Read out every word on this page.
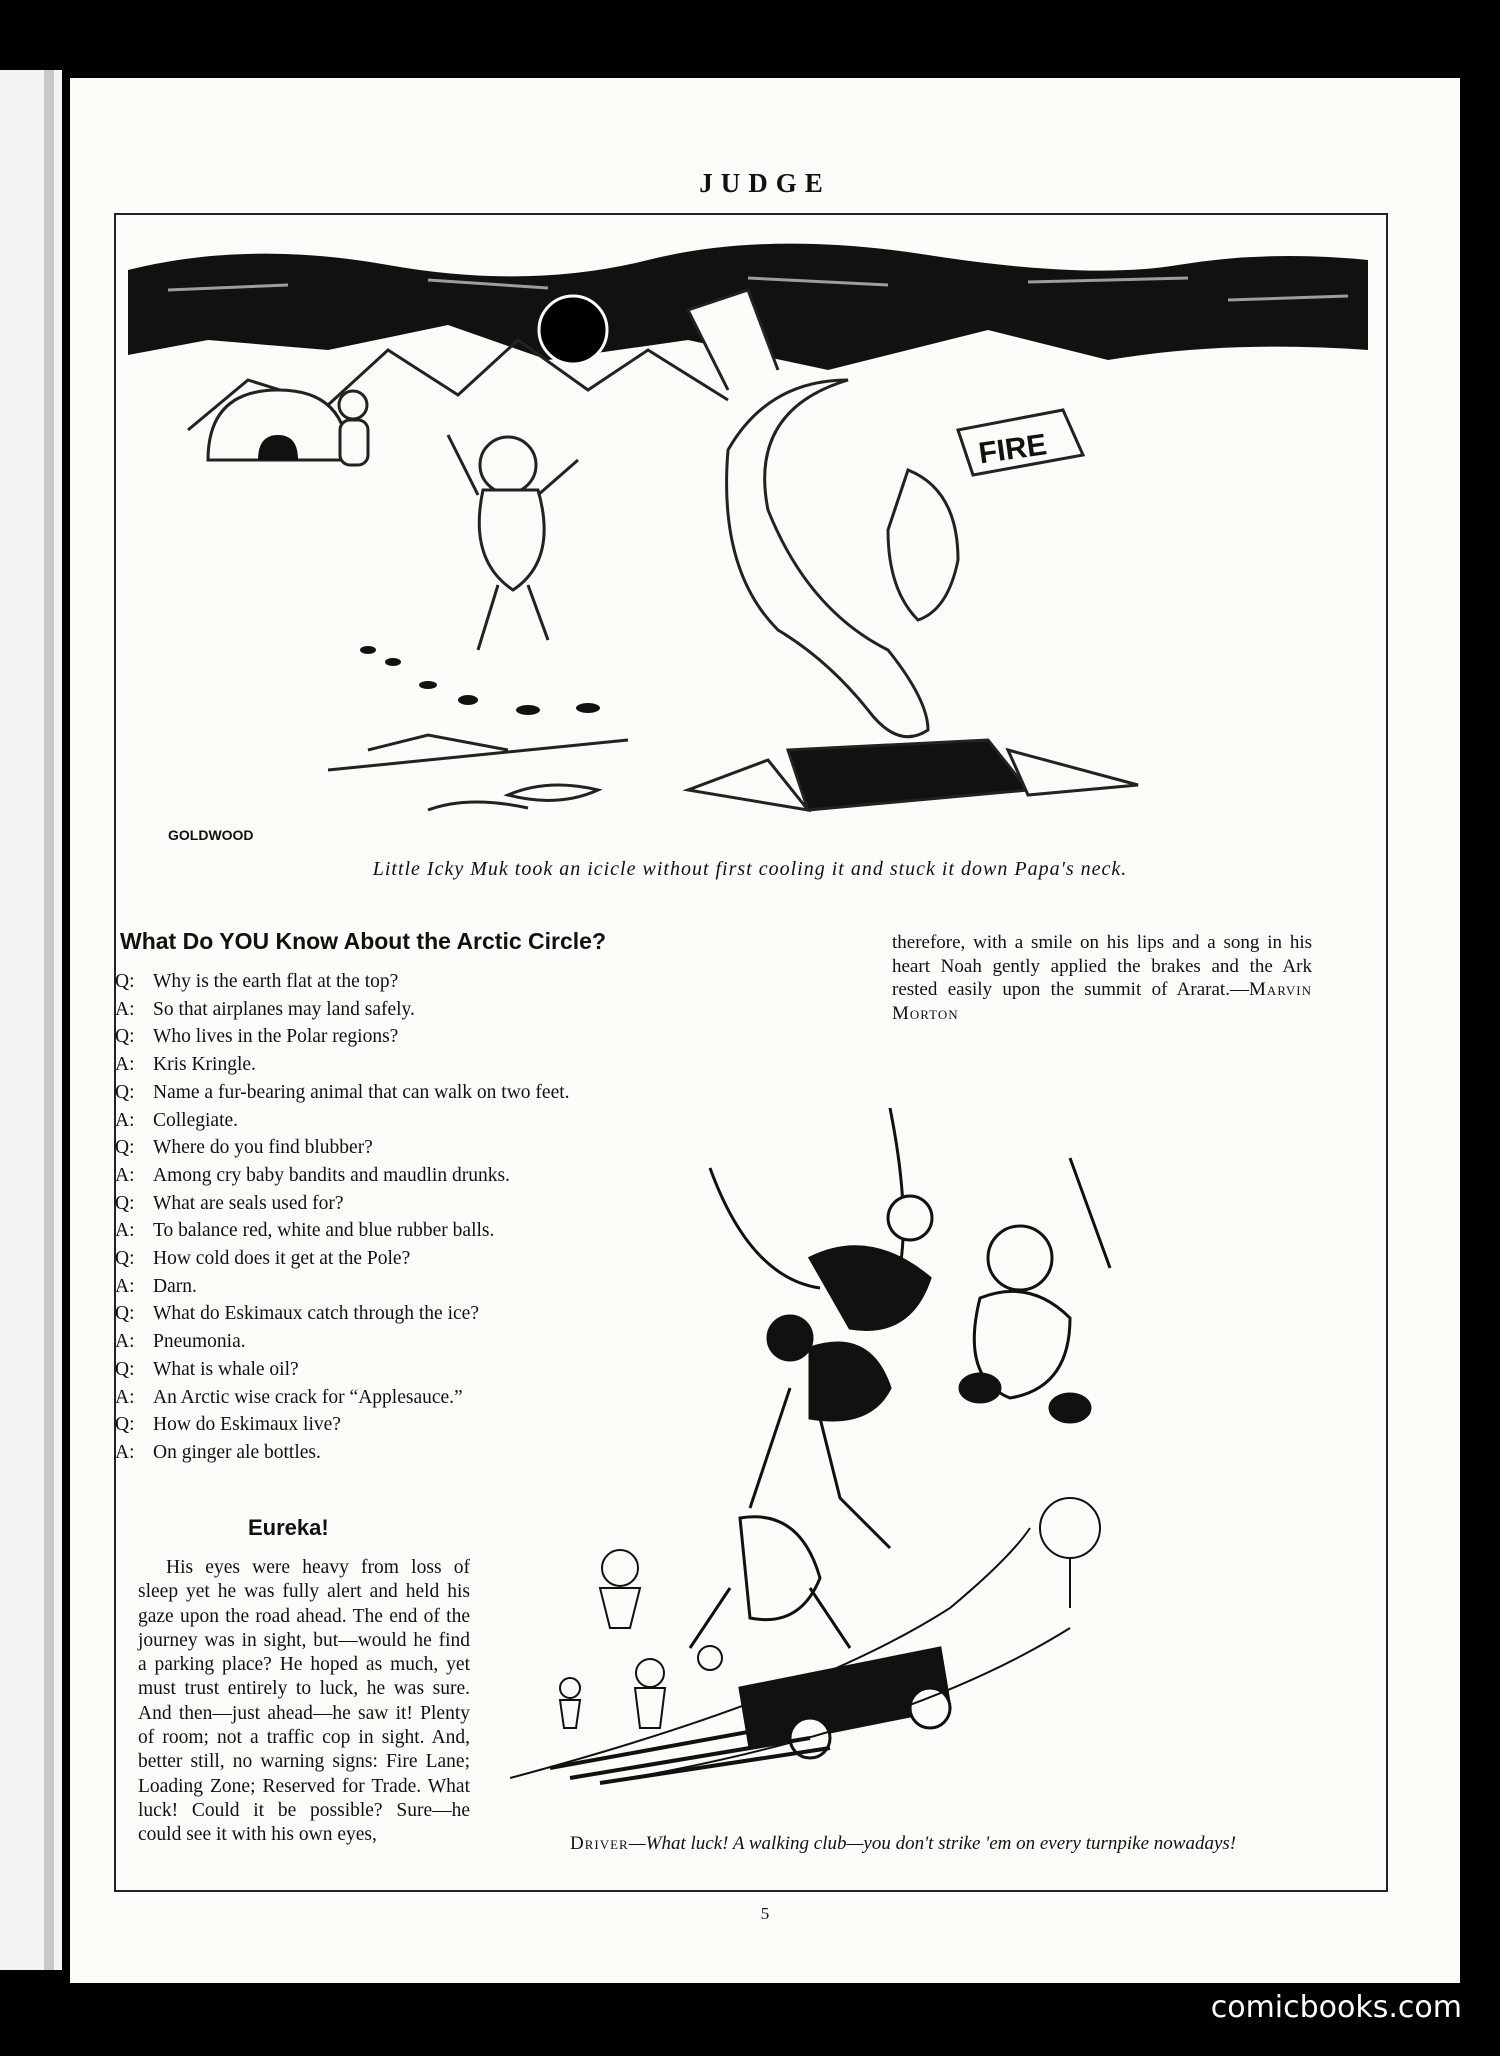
JUDGE
FIRE
GOLDWOOD
Little Icky Muk took an icicle without first cooling it and stuck it down Papa's neck.
What Do YOU Know About the Arctic Circle?
Q: Why is the earth flat at the top?
A: So that airplanes may land safely.
Q: Who lives in the Polar regions?
A: Kris Kringle.
Q: Name a fur-bearing animal that can walk on two feet.
A: Collegiate.
Q: Where do you find blubber?
A: Among cry baby bandits and maudlin drunks.
Q: What are seals used for?
A: To balance red, white and blue rubber balls.
Q: How cold does it get at the Pole?
A: Darn.
Q: What do Eskimaux catch through the ice?
A: Pneumonia.
Q: What is whale oil?
A: An Arctic wise crack for “Applesauce.”
Q: How do Eskimaux live?
A: On ginger ale bottles.
therefore, with a smile on his lips and a song in his heart Noah gently applied the brakes and the Ark rested easily upon the summit of Ararat.—Marvin Morton
Eureka!
His eyes were heavy from loss of sleep yet he was fully alert and held his gaze upon the road ahead. The end of the journey was in sight, but—would he find a parking place? He hoped as much, yet must trust entirely to luck, he was sure. And then—just ahead—he saw it! Plenty of room; not a traffic cop in sight. And, better still, no warning signs: Fire Lane; Loading Zone; Reserved for Trade. What luck! Could it be possible? Sure—he could see it with his own eyes,	Driver—What luck! A walking club—you don't strike 'em on every turnpike nowadays!
5
comicbooks.com
